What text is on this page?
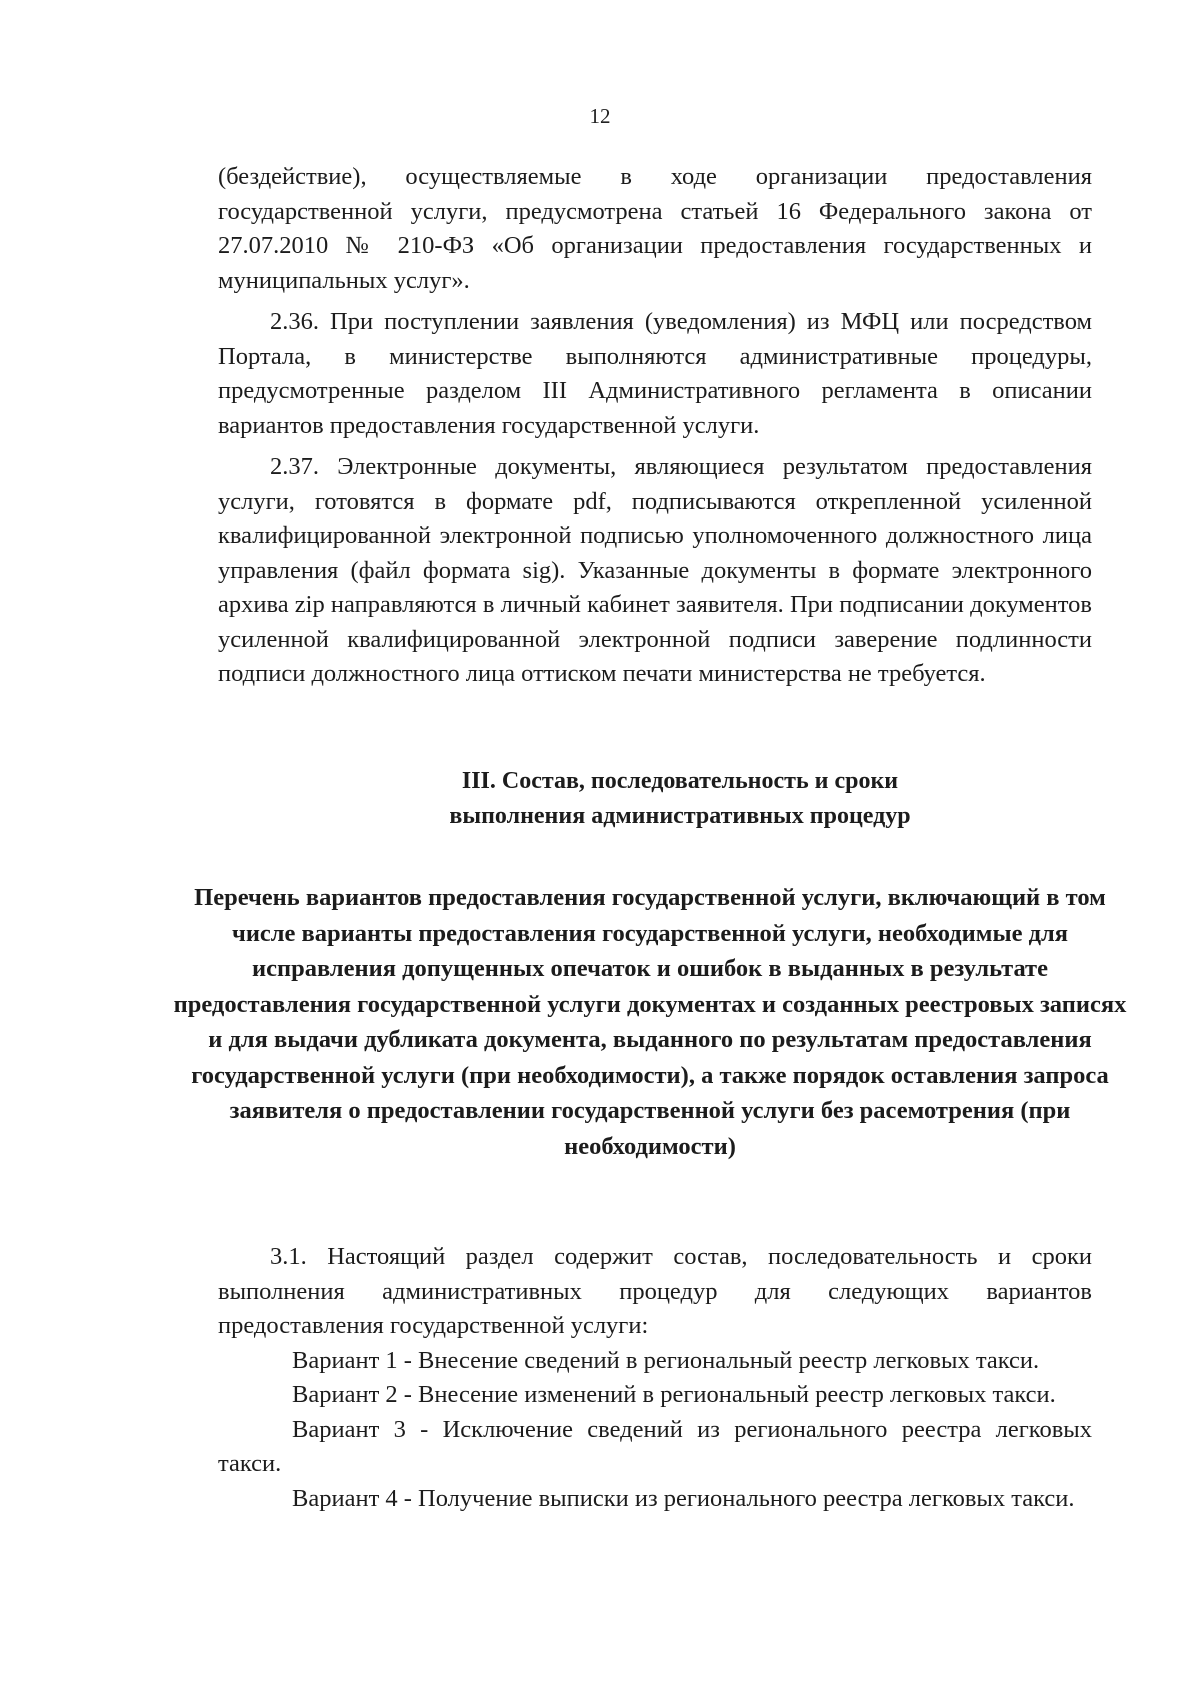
12

(бездействие), осуществляемые в ходе организации предоставления государственной услуги, предусмотрена статьей 16 Федерального закона от 27.07.2010 № 210-ФЗ «Об организации предоставления государственных и муниципальных услуг».

2.36. При поступлении заявления (уведомления) из МФЦ или посредством Портала, в министерстве выполняются административные процедуры, предусмотренные разделом III Административного регламента в описании вариантов предоставления государственной услуги.

2.37. Электронные документы, являющиеся результатом предоставления услуги, готовятся в формате pdf, подписываются открепленной усиленной квалифицированной электронной подписью уполномоченного должностного лица управления (файл формата sig). Указанные документы в формате электронного архива zip направляются в личный кабинет заявителя. При подписании документов усиленной квалифицированной электронной подписи заверение подлинности подписи должностного лица оттиском печати министерства не требуется.

III. Состав, последовательность и сроки
выполнения административных процедур
Перечень вариантов предоставления государственной услуги, включающий в том числе варианты предоставления государственной услуги, необходимые для исправления допущенных опечаток и ошибок в выданных в результате предоставления государственной услуги документах и созданных реестровых записях и для выдачи дубликата документа, выданного по результатам предоставления государственной услуги (при необходимости), а также порядок оставления запроса заявителя о предоставлении государственной услуги без расемотрения (при необходимости)

3.1. Настоящий раздел содержит состав, последовательность и сроки выполнения административных процедур для следующих вариантов предоставления государственной услуги:

Вариант 1 - Внесение сведений в региональный реестр легковых такси.

Вариант 2 - Внесение изменений в региональный реестр легковых такси.

Вариант 3 - Исключение сведений из регионального реестра легковых такси.

Вариант 4 - Получение выписки из регионального реестра легковых такси.
